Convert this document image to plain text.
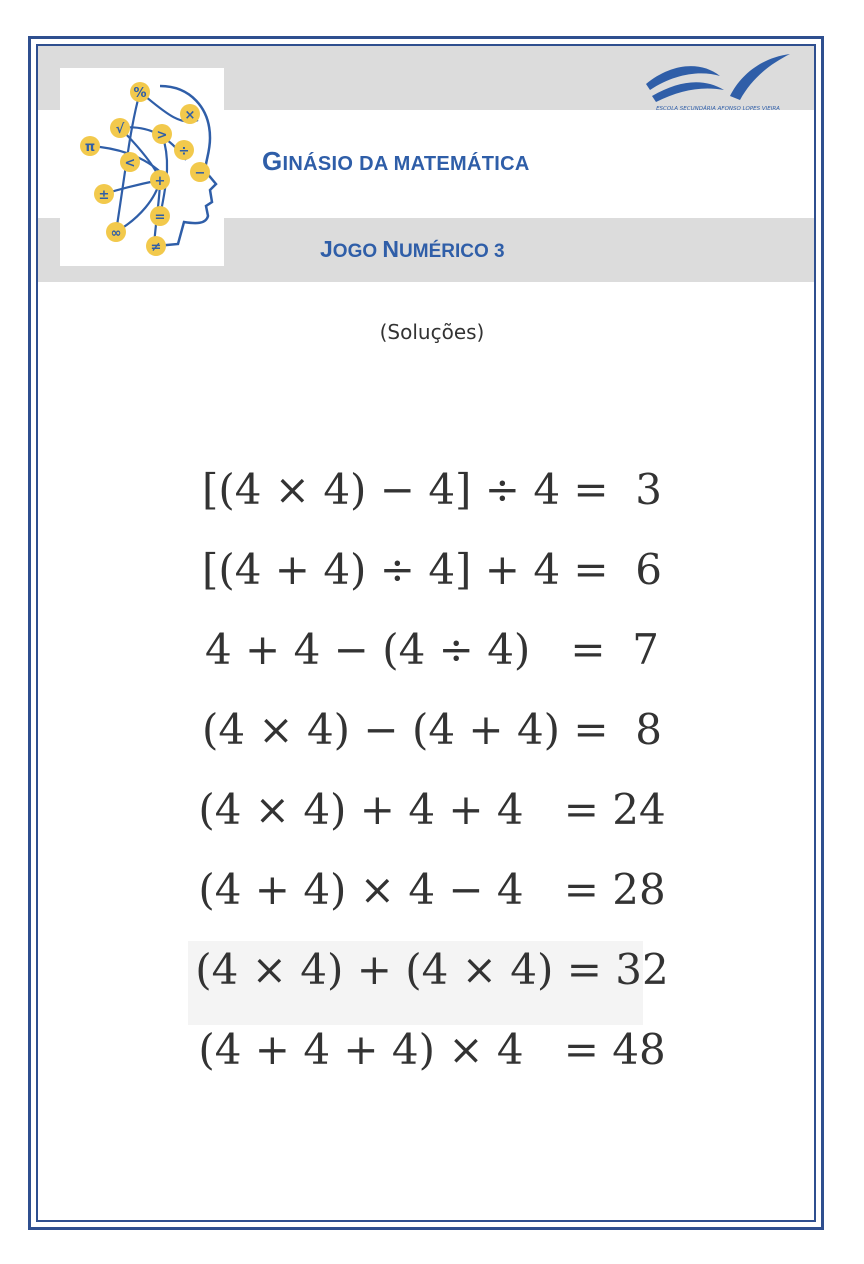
%
×
√ >
÷
π
<
−
+
±
=
∞
≠
ESCOLA SECUNDÁRIA AFONSO LOPES VIEIRA
GINÁSIO DA MATEMÁTICA
JOGO NUMÉRICO 3
(Soluções)
[(4 × 4) − 4] ÷ 4 =  3
[(4 + 4) ÷ 4] + 4 =  6
4 + 4 − (4 ÷ 4)   =  7
(4 × 4) − (4 + 4) =  8
(4 × 4) + 4 + 4   = 24
(4 + 4) × 4 − 4   = 28
(4 × 4) + (4 × 4) = 32
(4 + 4 + 4) × 4   = 48
